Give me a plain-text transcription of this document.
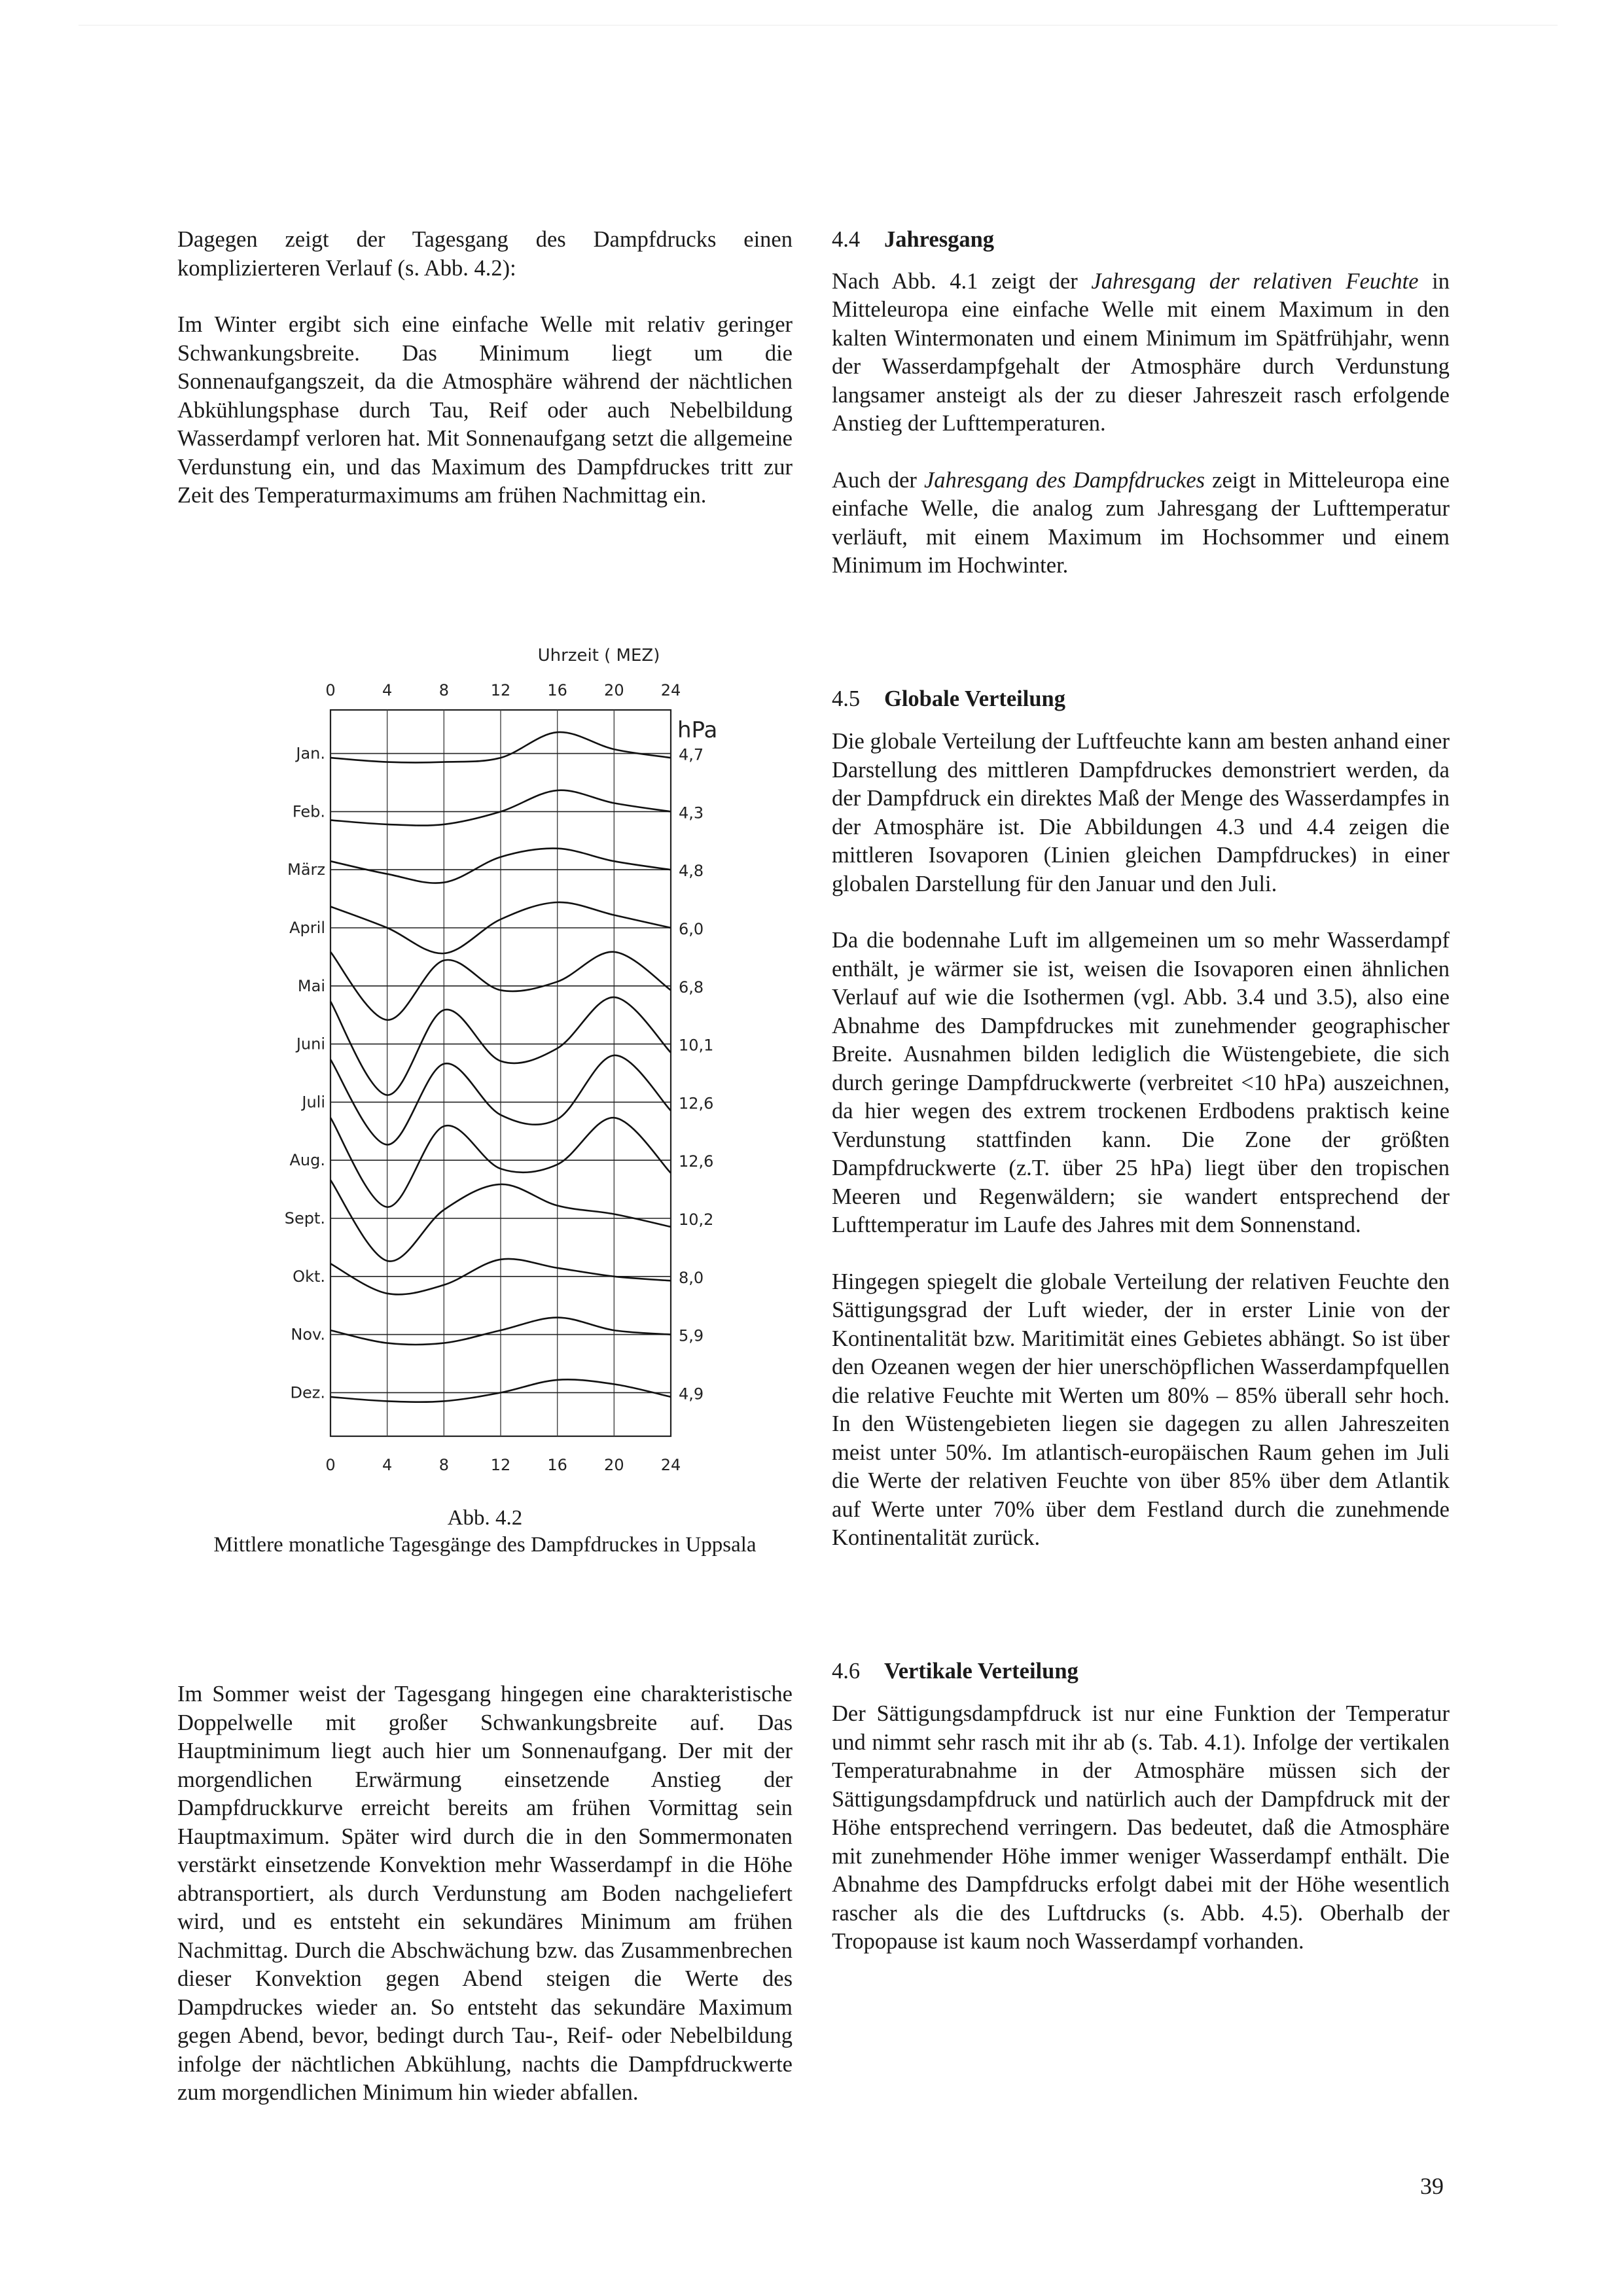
Dagegen zeigt der Tagesgang des Dampfdrucks einen komplizierteren Verlauf (s. Abb. 4.2):

Im Winter ergibt sich eine einfache Welle mit relativ geringer Schwankungsbreite. Das Minimum liegt um die Sonnenaufgangszeit, da die Atmosphäre während der nächtlichen Abkühlungsphase durch Tau, Reif oder auch Nebelbildung Wasserdampf verloren hat. Mit Sonnenaufgang setzt die allgemeine Verdunstung ein, und das Maximum des Dampfdruckes tritt zur Zeit des Temperaturmaximums am frühen Nachmittag ein.

0
0
4
4
8
8
12
12
16
16
20
20
24
24
Uhrzeit ( MEZ)
hPa
Jan.	4,7
Feb.	4,3
März	4,8
April	6,0
Mai	6,8
Juni	10,1
Juli	12,6
Aug.	12,6
Sept.	10,2
Okt.	8,0
Nov.	5,9
Dez.	4,9
Abb. 4.2
Mittlere monatliche Tagesgänge des Dampfdruckes in Uppsala

Im Sommer weist der Tagesgang hingegen eine charakteristische Doppelwelle mit großer Schwankungsbreite auf. Das Hauptminimum liegt auch hier um Sonnenaufgang. Der mit der morgendlichen Erwärmung einsetzende Anstieg der Dampfdruckkurve erreicht bereits am frühen Vormittag sein Hauptmaximum. Später wird durch die in den Sommermonaten verstärkt einsetzende Konvektion mehr Wasserdampf in die Höhe abtransportiert, als durch Verdunstung am Boden nachgeliefert wird, und es entsteht ein sekundäres Minimum am frühen Nachmittag. Durch die Abschwächung bzw. das Zusammenbrechen dieser Konvektion gegen Abend steigen die Werte des Dampdruckes wieder an. So entsteht das sekundäre Maximum gegen Abend, bevor, bedingt durch Tau-, Reif- oder Nebelbildung infolge der nächtlichen Abkühlung, nachts die Dampfdruckwerte zum morgendlichen Minimum hin wieder abfallen.

4.4 Jahresgang

Nach Abb. 4.1 zeigt der Jahresgang der relativen Feuchte in Mitteleuropa eine einfache Welle mit einem Maximum in den kalten Wintermonaten und einem Minimum im Spätfrühjahr, wenn der Wasserdampfgehalt der Atmosphäre durch Verdunstung langsamer ansteigt als der zu dieser Jahreszeit rasch erfolgende Anstieg der Lufttemperaturen.

Auch der Jahresgang des Dampfdruckes zeigt in Mitteleuropa eine einfache Welle, die analog zum Jahresgang der Lufttemperatur verläuft, mit einem Maximum im Hochsommer und einem Minimum im Hochwinter.

4.5 Globale Verteilung

Die globale Verteilung der Luftfeuchte kann am besten anhand einer Darstellung des mittleren Dampfdruckes demonstriert werden, da der Dampfdruck ein direktes Maß der Menge des Wasserdampfes in der Atmosphäre ist. Die Abbildungen 4.3 und 4.4 zeigen die mittleren Isovaporen (Linien gleichen Dampfdruckes) in einer globalen Darstellung für den Januar und den Juli.

Da die bodennahe Luft im allgemeinen um so mehr Wasserdampf enthält, je wärmer sie ist, weisen die Isovaporen einen ähnlichen Verlauf auf wie die Isothermen (vgl. Abb. 3.4 und 3.5), also eine Abnahme des Dampfdruckes mit zunehmender geographischer Breite. Ausnahmen bilden lediglich die Wüstengebiete, die sich durch geringe Dampfdruckwerte (verbreitet <10 hPa) auszeichnen, da hier wegen des extrem trockenen Erdbodens praktisch keine Verdunstung stattfinden kann. Die Zone der größten Dampfdruckwerte (z.T. über 25 hPa) liegt über den tropischen Meeren und Regenwäldern; sie wandert entsprechend der Lufttemperatur im Laufe des Jahres mit dem Sonnenstand.

Hingegen spiegelt die globale Verteilung der relativen Feuchte den Sättigungsgrad der Luft wieder, der in erster Linie von der Kontinentalität bzw. Maritimität eines Gebietes abhängt. So ist über den Ozeanen wegen der hier unerschöpflichen Wasserdampfquellen die relative Feuchte mit Werten um 80% – 85% überall sehr hoch. In den Wüstengebieten liegen sie dagegen zu allen Jahreszeiten meist unter 50%. Im atlantisch-europäischen Raum gehen im Juli die Werte der relativen Feuchte von über 85% über dem Atlantik auf Werte unter 70% über dem Festland durch die zunehmende Kontinentalität zurück.

4.6 Vertikale Verteilung

Der Sättigungsdampfdruck ist nur eine Funktion der Temperatur und nimmt sehr rasch mit ihr ab (s. Tab. 4.1). Infolge der vertikalen Temperaturabnahme in der Atmosphäre müssen sich der Sättigungsdampfdruck und natürlich auch der Dampfdruck mit der Höhe entsprechend verringern. Das bedeutet, daß die Atmosphäre mit zunehmender Höhe immer weniger Wasserdampf enthält. Die Abnahme des Dampfdrucks erfolgt dabei mit der Höhe wesentlich rascher als die des Luftdrucks (s. Abb. 4.5). Oberhalb der Tropopause ist kaum noch Wasserdampf vorhanden.

39
